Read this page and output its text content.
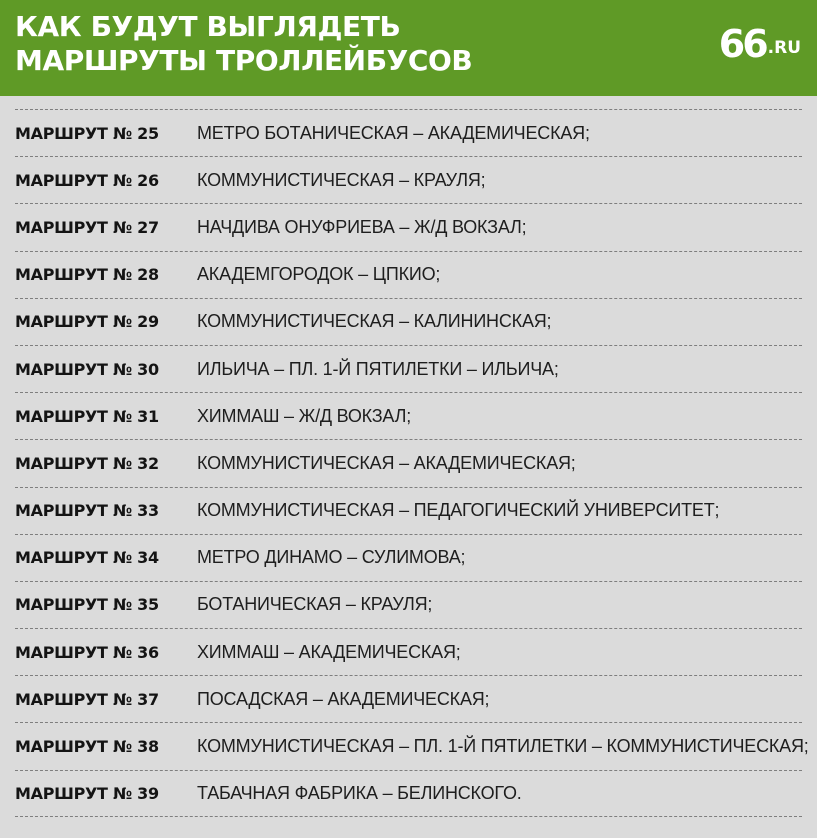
КАК БУДУТ ВЫГЛЯДЕТЬ
МАРШРУТЫ ТРОЛЛЕЙБУСОВ	66 .RU
МАРШРУТ № 25	МЕТРО БОТАНИЧЕСКАЯ – АКАДЕМИЧЕСКАЯ;
МАРШРУТ № 26	КОММУНИСТИЧЕСКАЯ – КРАУЛЯ;
МАРШРУТ № 27	НАЧДИВА ОНУФРИЕВА – Ж/Д ВОКЗАЛ;
МАРШРУТ № 28	АКАДЕМГОРОДОК – ЦПКИО;
МАРШРУТ № 29	КОММУНИСТИЧЕСКАЯ – КАЛИНИНСКАЯ;
МАРШРУТ № 30	ИЛЬИЧА – ПЛ. 1-Й ПЯТИЛЕТКИ – ИЛЬИЧА;
МАРШРУТ № 31	ХИММАШ – Ж/Д ВОКЗАЛ;
МАРШРУТ № 32	КОММУНИСТИЧЕСКАЯ – АКАДЕМИЧЕСКАЯ;
МАРШРУТ № 33	КОММУНИСТИЧЕСКАЯ – ПЕДАГОГИЧЕСКИЙ УНИВЕРСИТЕТ;
МАРШРУТ № 34	МЕТРО ДИНАМО – СУЛИМОВА;
МАРШРУТ № 35	БОТАНИЧЕСКАЯ – КРАУЛЯ;
МАРШРУТ № 36	ХИММАШ – АКАДЕМИЧЕСКАЯ;
МАРШРУТ № 37	ПОСАДСКАЯ – АКАДЕМИЧЕСКАЯ;
МАРШРУТ № 38	КОММУНИСТИЧЕСКАЯ – ПЛ. 1-Й ПЯТИЛЕТКИ – КОММУНИСТИЧЕСКАЯ;
МАРШРУТ № 39	ТАБАЧНАЯ ФАБРИКА – БЕЛИНСКОГО.
